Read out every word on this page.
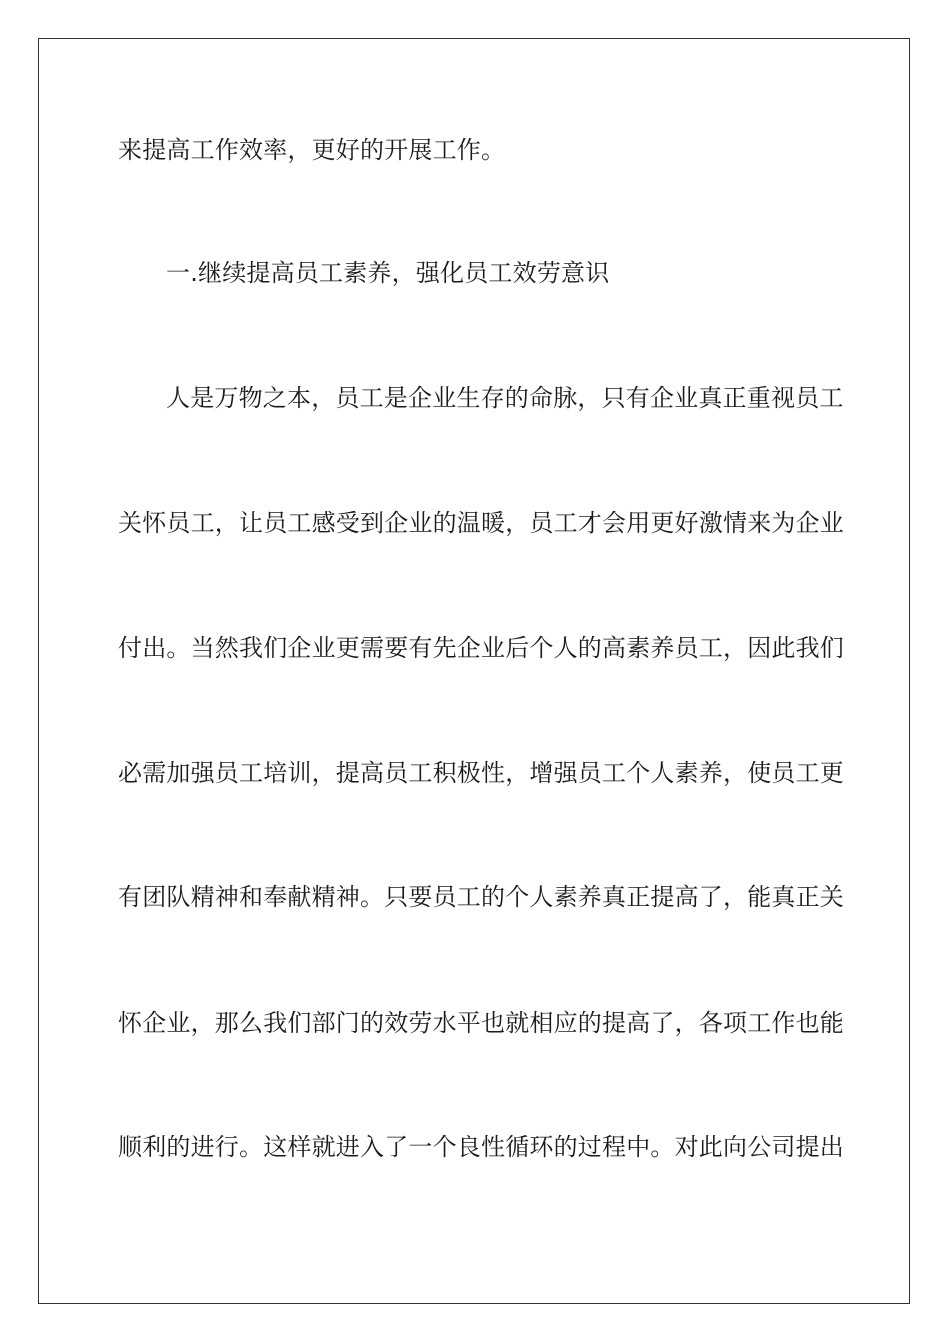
来提高工作效率，更好的开展工作。
一.继续提高员工素养，强化员工效劳意识
人是万物之本，员工是企业生存的命脉，只有企业真正重视员工
关怀员工，让员工感受到企业的温暖，员工才会用更好激情来为企业
付出。当然我们企业更需要有先企业后个人的高素养员工，因此我们
必需加强员工培训，提高员工积极性，增强员工个人素养，使员工更
有团队精神和奉献精神。只要员工的个人素养真正提高了，能真正关
怀企业，那么我们部门的效劳水平也就相应的提高了，各项工作也能
顺利的进行。这样就进入了一个良性循环的过程中。对此向公司提出
